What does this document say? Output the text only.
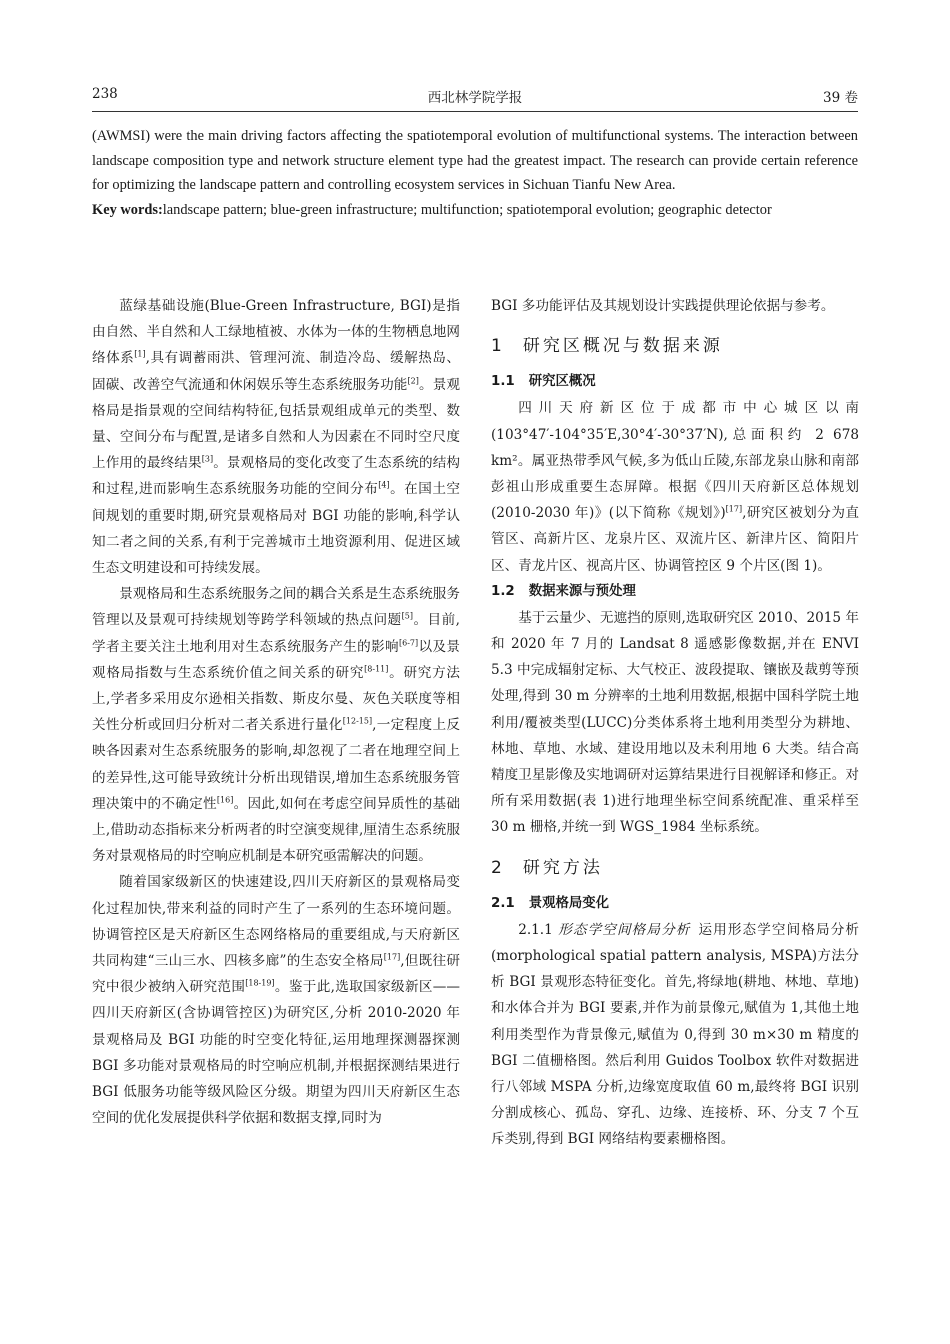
238	西北林学院学报	39 卷

(AWMSI) were the main driving factors affecting the spatiotemporal evolution of multifunctional systems. The interaction between landscape composition type and network structure element type had the greatest impact. The research can provide certain reference for optimizing the landscape pattern and controlling ecosystem services in Sichuan Tianfu New Area.

Key words:landscape pattern; blue-green infrastructure; multifunction; spatiotemporal evolution; geographic detector

蓝绿基础设施(Blue-Green Infrastructure, BGI)是指由自然、半自然和人工绿地植被、水体为一体的生物栖息地网络体系[1],具有调蓄雨洪、管理河流、制造冷岛、缓解热岛、固碳、改善空气流通和休闲娱乐等生态系统服务功能[2]。景观格局是指景观的空间结构特征,包括景观组成单元的类型、数量、空间分布与配置,是诸多自然和人为因素在不同时空尺度上作用的最终结果[3]。景观格局的变化改变了生态系统的结构和过程,进而影响生态系统服务功能的空间分布[4]。在国土空间规划的重要时期,研究景观格局对 BGI 功能的影响,科学认知二者之间的关系,有利于完善城市土地资源利用、促进区域生态文明建设和可持续发展。

景观格局和生态系统服务之间的耦合关系是生态系统服务管理以及景观可持续规划等跨学科领域的热点问题[5]。目前,学者主要关注土地利用对生态系统服务产生的影响[6-7]以及景观格局指数与生态系统价值之间关系的研究[8-11]。研究方法上,学者多采用皮尔逊相关指数、斯皮尔曼、灰色关联度等相关性分析或回归分析对二者关系进行量化[12-15],一定程度上反映各因素对生态系统服务的影响,却忽视了二者在地理空间上的差异性,这可能导致统计分析出现错误,增加生态系统服务管理决策中的不确定性[16]。因此,如何在考虑空间异质性的基础上,借助动态指标来分析两者的时空演变规律,厘清生态系统服务对景观格局的时空响应机制是本研究亟需解决的问题。

随着国家级新区的快速建设,四川天府新区的景观格局变化过程加快,带来利益的同时产生了一系列的生态环境问题。协调管控区是天府新区生态网络格局的重要组成,与天府新区共同构建“三山三水、四核多廊”的生态安全格局[17],但既往研究中很少被纳入研究范围[18-19]。鉴于此,选取国家级新区——四川天府新区(含协调管控区)为研究区,分析 2010-2020 年景观格局及 BGI 功能的时空变化特征,运用地理探测器探测 BGI 多功能对景观格局的时空响应机制,并根据探测结果进行 BGI 低服务功能等级风险区分级。期望为四川天府新区生态空间的优化发展提供科学依据和数据支撑,同时为

BGI 多功能评估及其规划设计实践提供理论依据与参考。

1 研究区概况与数据来源
1.1 研究区概况

四川天府新区位于成都市中心城区以南(103°47′-104°35′E,30°4′-30°37′N),总面积约 2 678 km²。属亚热带季风气候,多为低山丘陵,东部龙泉山脉和南部彭祖山形成重要生态屏障。根据《四川天府新区总体规划(2010-2030 年)》(以下简称《规划》)[17],研究区被划分为直管区、高新片区、龙泉片区、双流片区、新津片区、简阳片区、青龙片区、视高片区、协调管控区 9 个片区(图 1)。

1.2 数据来源与预处理

基于云量少、无遮挡的原则,选取研究区 2010、2015 年和 2020 年 7 月的 Landsat 8 遥感影像数据,并在 ENVI 5.3 中完成辐射定标、大气校正、波段提取、镶嵌及裁剪等预处理,得到 30 m 分辨率的土地利用数据,根据中国科学院土地利用/覆被类型(LUCC)分类体系将土地利用类型分为耕地、林地、草地、水域、建设用地以及未利用地 6 大类。结合高精度卫星影像及实地调研对运算结果进行目视解译和修正。对所有采用数据(表 1)进行地理坐标空间系统配准、重采样至 30 m 栅格,并统一到 WGS_1984 坐标系统。

2 研究方法
2.1 景观格局变化

2.1.1 形态学空间格局分析 运用形态学空间格局分析(morphological spatial pattern analysis, MSPA)方法分析 BGI 景观形态特征变化。首先,将绿地(耕地、林地、草地)和水体合并为 BGI 要素,并作为前景像元,赋值为 1,其他土地利用类型作为背景像元,赋值为 0,得到 30 m×30 m 精度的 BGI 二值栅格图。然后利用 Guidos Toolbox 软件对数据进行八邻域 MSPA 分析,边缘宽度取值 60 m,最终将 BGI 识别分割成核心、孤岛、穿孔、边缘、连接桥、环、分支 7 个互斥类别,得到 BGI 网络结构要素栅格图。
